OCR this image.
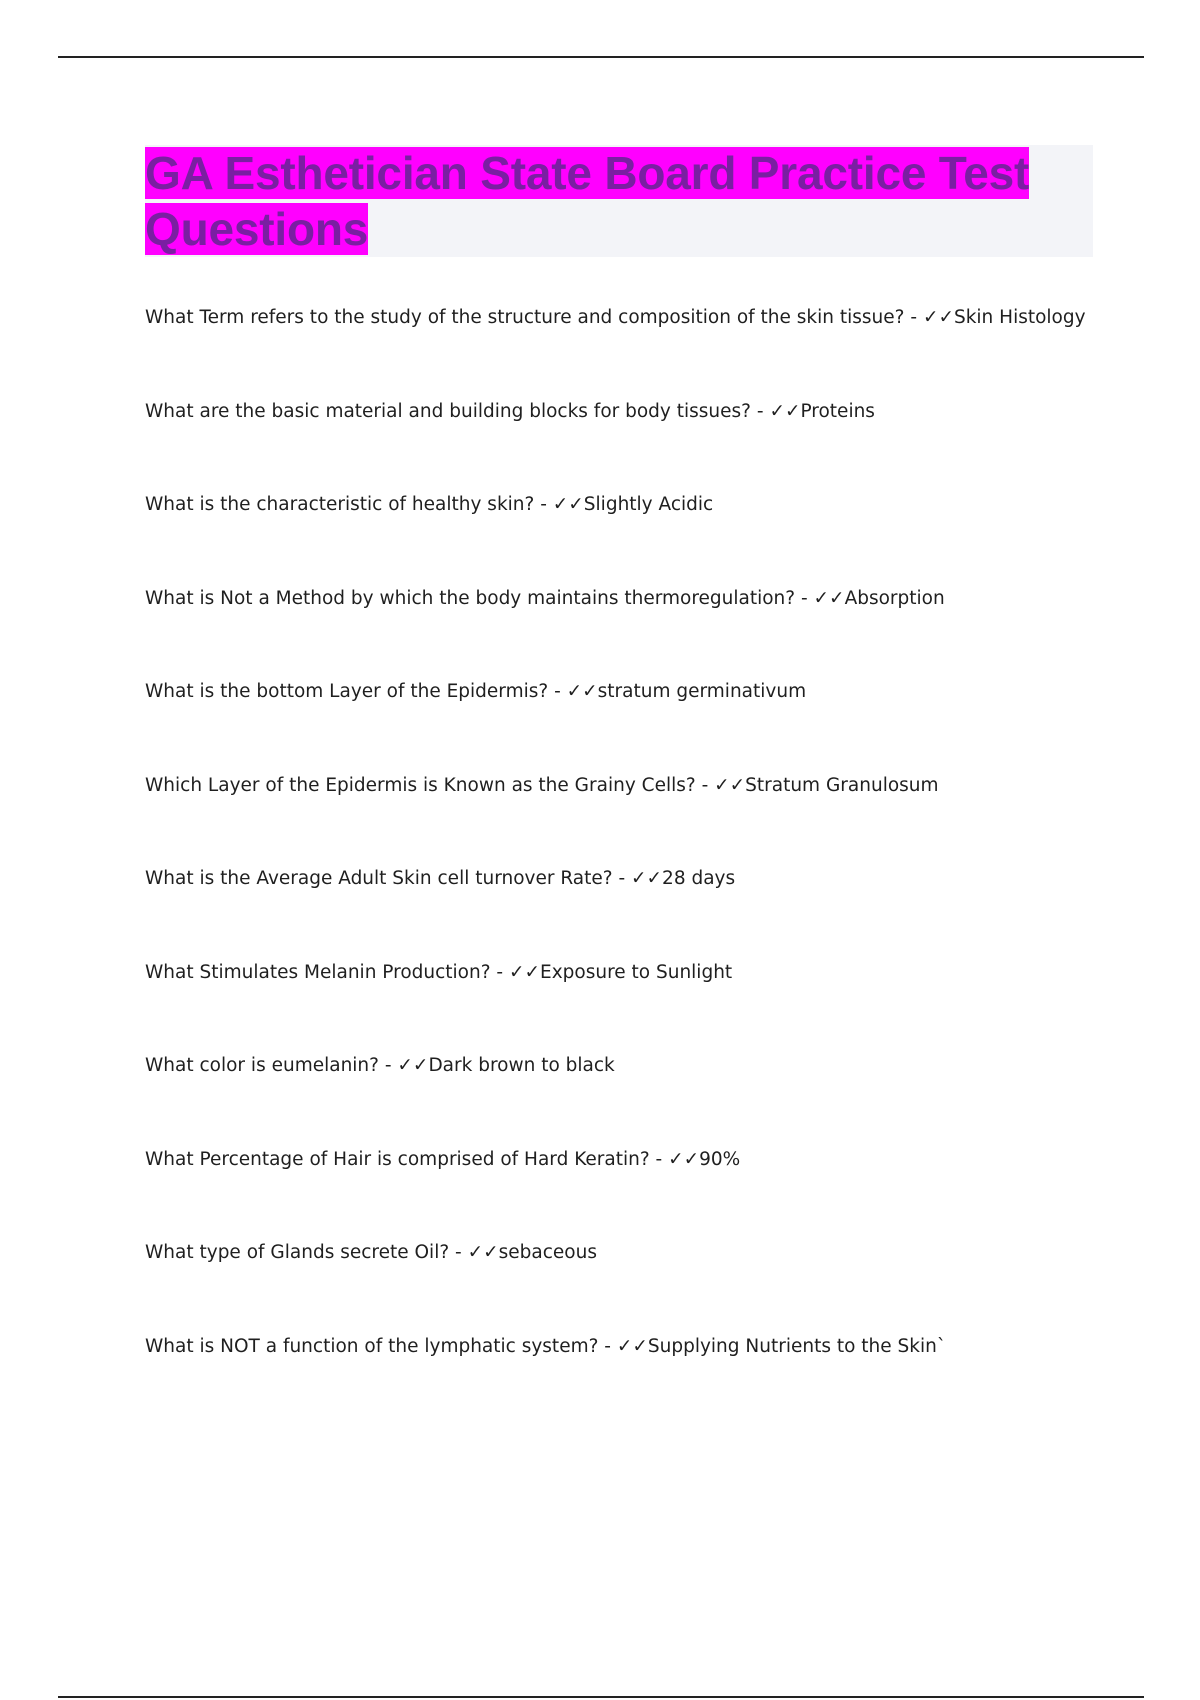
GA Esthetician State Board Practice Test Questions
What Term refers to the study of the structure and composition of the skin tissue? - ✓✓Skin Histology
What are the basic material and building blocks for body tissues? - ✓✓Proteins
What is the characteristic of healthy skin? - ✓✓Slightly Acidic
What is Not a Method by which the body maintains thermoregulation? - ✓✓Absorption
What is the bottom Layer of the Epidermis? - ✓✓stratum germinativum
Which Layer of the Epidermis is Known as the Grainy Cells? - ✓✓Stratum Granulosum
What is the Average Adult Skin cell turnover Rate? - ✓✓28 days
What Stimulates Melanin Production? - ✓✓Exposure to Sunlight
What color is eumelanin? - ✓✓Dark brown to black
What Percentage of Hair is comprised of Hard Keratin? - ✓✓90%
What type of Glands secrete Oil? - ✓✓sebaceous
What is NOT a function of the lymphatic system? - ✓✓Supplying Nutrients to the Skin`
